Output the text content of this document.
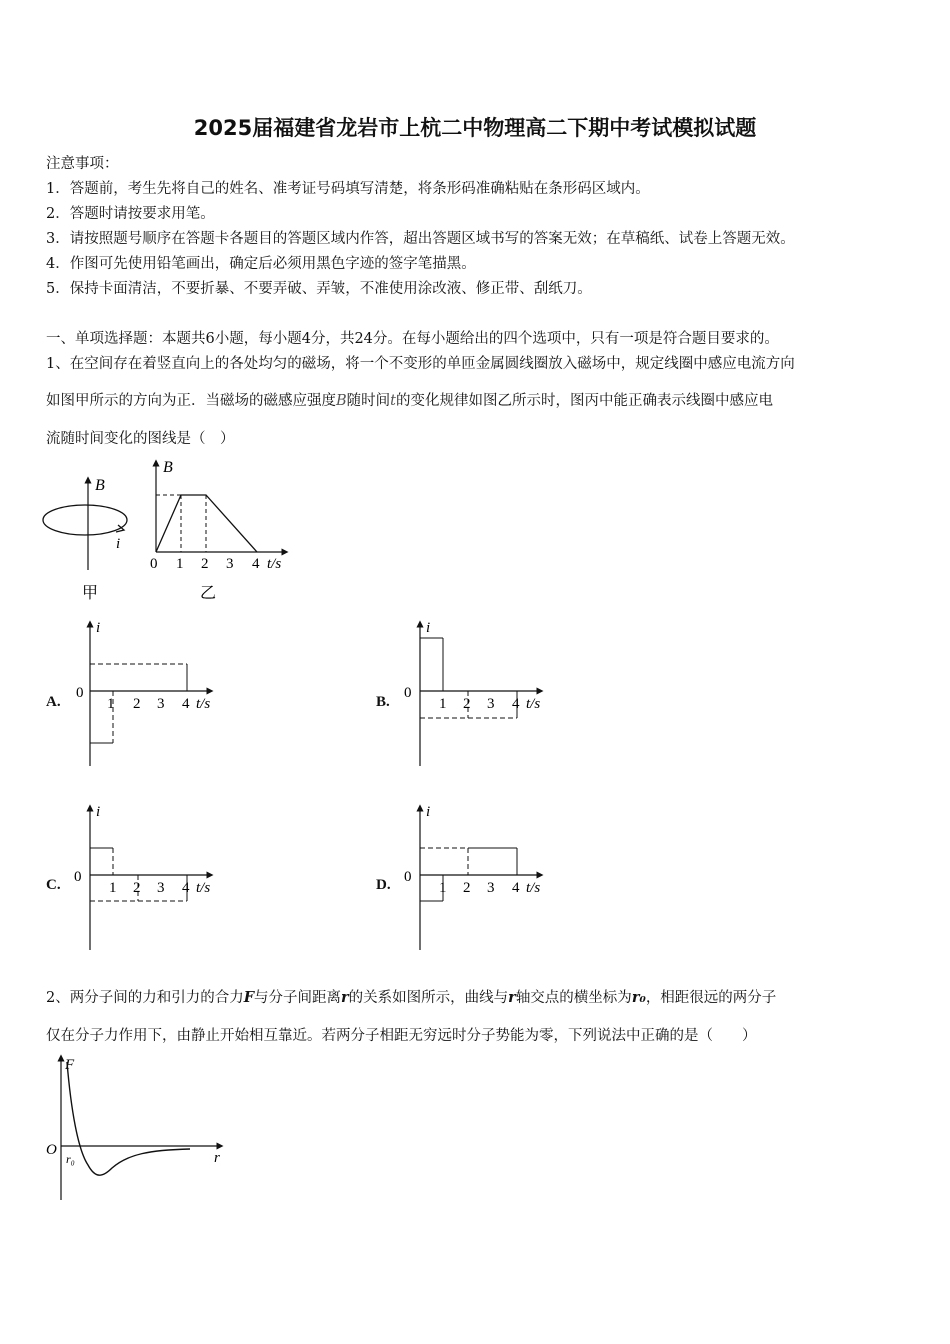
2025届福建省龙岩市上杭二中物理高二下期中考试模拟试题
注意事项：
1．答题前，考生先将自己的姓名、准考证号码填写清楚，将条形码准确粘贴在条形码区域内。
2．答题时请按要求用笔。
3．请按照题号顺序在答题卡各题目的答题区域内作答，超出答题区域书写的答案无效；在草稿纸、试卷上答题无效。
4．作图可先使用铅笔画出，确定后必须用黑色字迹的签字笔描黑。
5．保持卡面清洁，不要折暴、不要弄破、弄皱，不准使用涂改液、修正带、刮纸刀。
一、单项选择题：本题共6小题，每小题4分，共24分。在每小题给出的四个选项中，只有一项是符合题目要求的。
1、在空间存在着竖直向上的各处均匀的磁场，将一个不变形的单匝金属圆线圈放入磁场中，规定线圈中感应电流方向
如图甲所示的方向为正．当磁场的磁感应强度B随时间t的变化规律如图乙所示时，图丙中能正确表示线圈中感应电
流随时间变化的图线是（　）
B
i
甲
B
0 1 2 3 4 t/s
乙
A.
i
0
1 2 3 4 t/s	B.
i
0
1 2 3 4 t/s
C.
i
0
1 2 3 4 t/s	D.
i
0
1 2 3 4 t/s
2、两分子间的力和引力的合力F与分子间距离r的关系如图所示，曲线与r轴交点的横坐标为r₀，相距很远的两分子
仅在分子力作用下，由静止开始相互靠近。若两分子相距无穷远时分子势能为零，下列说法中正确的是（　　）
F
O	r
r₀
